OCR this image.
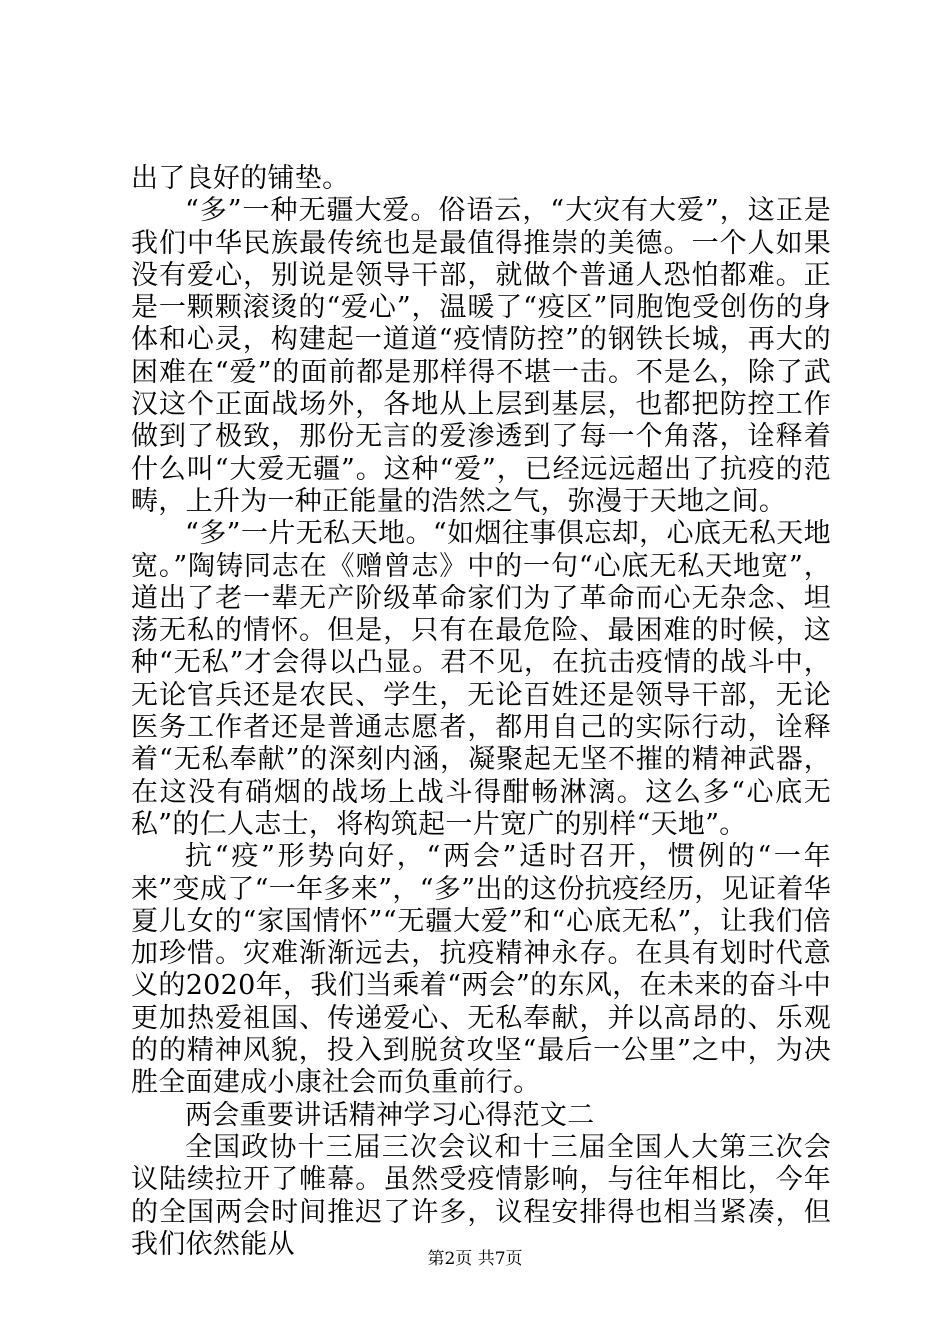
出了良好的铺垫。

“多”一种无疆大爱。俗语云，“大灾有大爱”，这正是我们中华民族最传统也是最值得推崇的美德。一个人如果没有爱心，别说是领导干部，就做个普通人恐怕都难。正是一颗颗滚烫的“爱心”，温暖了“疫区”同胞饱受创伤的身体和心灵，构建起一道道“疫情防控”的钢铁长城，再大的困难在“爱”的面前都是那样得不堪一击。不是么，除了武汉这个正面战场外，各地从上层到基层，也都把防控工作做到了极致，那份无言的爱渗透到了每一个角落，诠释着什么叫“大爱无疆”。这种“爱”，已经远远超出了抗疫的范畴，上升为一种正能量的浩然之气，弥漫于天地之间。

“多”一片无私天地。“如烟往事俱忘却，心底无私天地宽。”陶铸同志在《赠曾志》中的一句“心底无私天地宽”，道出了老一辈无产阶级革命家们为了革命而心无杂念、坦荡无私的情怀。但是，只有在最危险、最困难的时候，这种“无私”才会得以凸显。君不见，在抗击疫情的战斗中，无论官兵还是农民、学生，无论百姓还是领导干部，无论医务工作者还是普通志愿者，都用自己的实际行动，诠释着“无私奉献”的深刻内涵，凝聚起无坚不摧的精神武器，在这没有硝烟的战场上战斗得酣畅淋漓。这么多“心底无私”的仁人志士，将构筑起一片宽广的别样“天地”。

抗“疫”形势向好，“两会”适时召开，惯例的“一年来”变成了“一年多来”，“多”出的这份抗疫经历，见证着华夏儿女的“家国情怀”“无疆大爱”和“心底无私”，让我们倍加珍惜。灾难渐渐远去，抗疫精神永存。在具有划时代意义的2020年，我们当乘着“两会”的东风，在未来的奋斗中更加热爱祖国、传递爱心、无私奉献，并以高昂的、乐观的的精神风貌，投入到脱贫攻坚“最后一公里”之中，为决胜全面建成小康社会而负重前行。

两会重要讲话精神学习心得范文二

全国政协十三届三次会议和十三届全国人大第三次会议陆续拉开了帷幕。虽然受疫情影响，与往年相比，今年的全国两会时间推迟了许多，议程安排得也相当紧凑，但我们依然能从	第2页 共7页
